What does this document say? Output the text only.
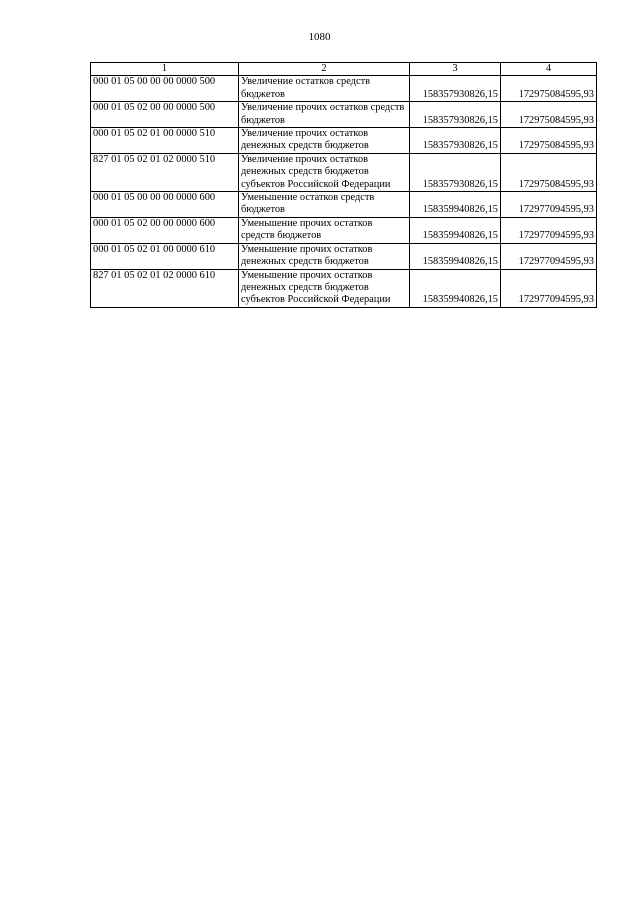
1080
1	2	3	4
000 01 05 00 00 00 0000 500	Увеличение остатков средств бюджетов	158357930826,15	172975084595,93
000 01 05 02 00 00 0000 500	Увеличение прочих остатков средств бюджетов	158357930826,15	172975084595,93
000 01 05 02 01 00 0000 510	Увеличение прочих остатков денежных средств бюджетов	158357930826,15	172975084595,93
827 01 05 02 01 02 0000 510	Увеличение прочих остатков денежных средств бюджетов субъектов Российской Федерации	158357930826,15	172975084595,93
000 01 05 00 00 00 0000 600	Уменьшение остатков средств бюджетов	158359940826,15	172977094595,93
000 01 05 02 00 00 0000 600	Уменьшение прочих остатков средств бюджетов	158359940826,15	172977094595,93
000 01 05 02 01 00 0000 610	Уменьшение прочих остатков денежных средств бюджетов	158359940826,15	172977094595,93
827 01 05 02 01 02 0000 610	Уменьшение прочих остатков денежных средств бюджетов субъектов Российской Федерации	158359940826,15	172977094595,93
